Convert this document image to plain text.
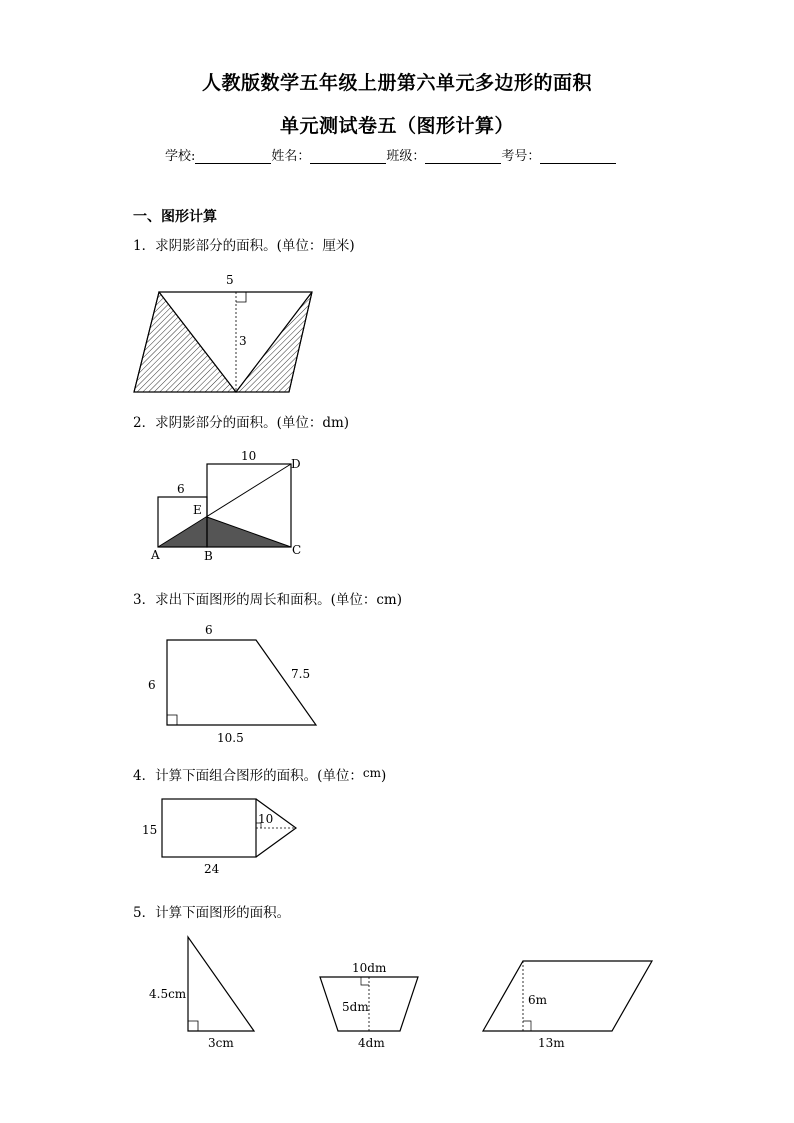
人教版数学五年级上册第六单元多边形的面积
单元测试卷五（图形计算）
学校:	姓名：	班级：	考号：
一、图形计算
1．求阴影部分的面积。(单位：厘米)
5
3
2．求阴影部分的面积。(单位：dm)
10
6
A	B	C
D
E
3．求出下面图形的周长和面积。(单位：cm)
6
6
7.5
10.5
4．计算下面组合图形的面积。(单位：cm)
15
10
24
5．计算下面图形的面积。
4.5cm
3cm
10dm
5dm
4dm
6m
13m
